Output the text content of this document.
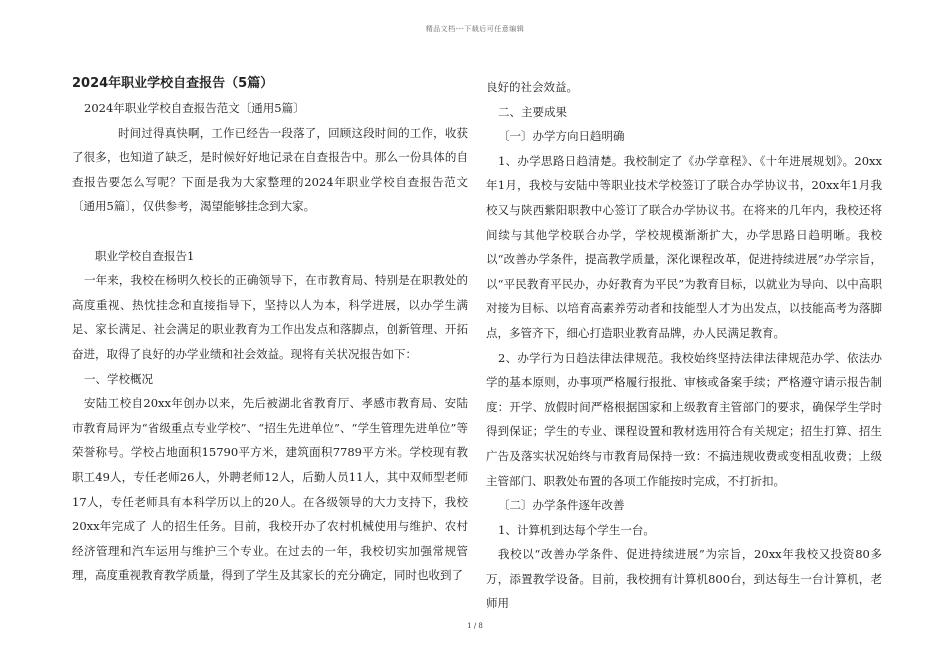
精品文档---下载后可任意编辑
2024年职业学校自查报告（5篇）

2024年职业学校自查报告范文〔通用5篇〕

时间过得真快啊，工作已经告一段落了，回顾这段时间的工作，收获了很多，也知道了缺乏，是时候好好地记录在自查报告中。那么一份具体的自查报告要怎么写呢？下面是我为大家整理的2024年职业学校自查报告范文〔通用5篇〕，仅供参考，渴望能够挂念到大家。

职业学校自查报告1

一年来，我校在杨明久校长的正确领导下，在市教育局、特别是在职教处的高度重视、热忱挂念和直接指导下，坚持以人为本，科学进展，以办学生满足、家长满足、社会满足的职业教育为工作出发点和落脚点，创新管理、开拓奋进，取得了良好的办学业绩和社会效益。现将有关状况报告如下：

一、学校概况

安陆工校自20xx年创办以来，先后被湖北省教育厅、孝感市教育局、安陆市教育局评为“省级重点专业学校”、“招生先进单位”、“学生管理先进单位”等荣誉称号。学校占地面积15790平方米，建筑面积7789平方米。学校现有教职工49人，专任老师26人，外聘老师12人，后勤人员11人，其中双师型老师17人，专任老师具有本科学历以上的20人。在各级领导的大力支持下，我校20xx年完成了 人的招生任务。目前，我校开办了农村机械使用与维护、农村经济管理和汽车运用与维护三个专业。在过去的一年，我校切实加强常规管理，高度重视教育教学质量，得到了学生及其家长的充分确定，同时也收到了

良好的社会效益。

二、主要成果

〔一〕办学方向日趋明确

1、办学思路日趋清楚。我校制定了《办学章程》、《十年进展规划》。20xx年1月，我校与安陆中等职业技术学校签订了联合办学协议书，20xx年1月我校又与陕西紫阳职教中心签订了联合办学协议书。在将来的几年内，我校还将间续与其他学校联合办学，学校规模渐渐扩大，办学思路日趋明晰。我校以“改善办学条件，提高教学质量，深化课程改革，促进持续进展”办学宗旨，以“平民教育平民办，办好教育为平民”为教育目标，以就业为导向、以中高职对接为目标、以培育高素养劳动者和技能型人才为出发点，以技能高考为落脚点，多管齐下，细心打造职业教育品牌，办人民满足教育。

2、办学行为日趋法律法律规范。我校始终坚持法律法律规范办学、依法办学的基本原则，办事项严格履行报批、审核或备案手续；严格遵守请示报告制度：开学、放假时间严格根据国家和上级教育主管部门的要求，确保学生学时得到保证；学生的专业、课程设置和教材选用符合有关规定；招生打算、招生广告及落实状况始终与市教育局保持一致：不搞违规收费或变相乱收费；上级主管部门、职教处布置的各项工作能按时完成，不打折扣。

〔二〕办学条件逐年改善

1、计算机到达每个学生一台。

我校以“改善办学条件、促进持续进展”为宗旨，20xx年我校又投资80多万，添置教学设备。目前，我校拥有计算机800台，到达每生一台计算机，老师用

1 / 8
